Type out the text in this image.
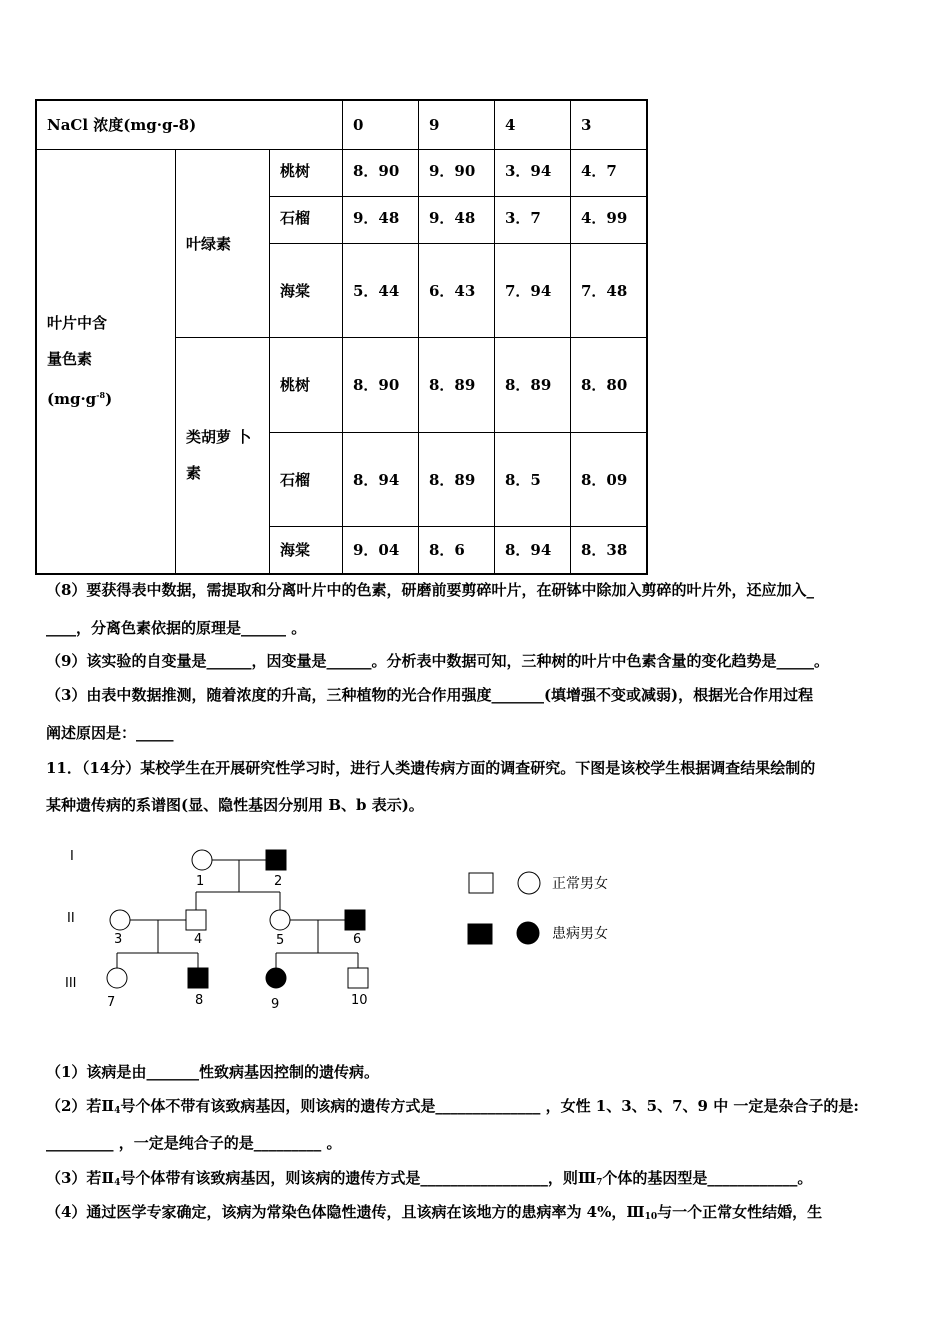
NaCl 浓度(mg·g-8)			0	9	4	3

叶片中含
量色素
$(mg\cdot g^{-8})$	叶绿素	桃树	8．90	9．90	3．94	4．7
		石榴	9．48	9．48	3．7	4．99
		海棠	5．44	6．43	7．94	7．48

	类胡萝 卜
素	桃树	8．90	8．89	8．89	8．80
		石榴	8．94	8．89	8．5	8．09
		海棠	9．04	8．6	8．94	8．38
（8）要获得表中数据，需提取和分离叶片中的色素，研磨前要剪碎叶片，在研钵中除加入剪碎的叶片外，还应加入_
____，分离色素依据的原理是______ 。
（9）该实验的自变量是______，因变量是______。分析表中数据可知，三种树的叶片中色素含量的变化趋势是_____。
（3）由表中数据推测，随着浓度的升高，三种植物的光合作用强度_______(填增强不变或减弱)，根据光合作用过程
阐述原因是：_____
11．（14分）某校学生在开展研究性学习时，进行人类遗传病方面的调查研究。下图是该校学生根据调查结果绘制的
某种遗传病的系谱图(显、隐性基因分别用 B、b 表示)。
I
II
III
1	2
3	4	5	6
7	8	9	10
正常男女
患病男女
（1）该病是由_______性致病基因控制的遗传病。
（2）若$Ⅱ_4$号个体不带有该致病基因，则该病的遗传方式是______________ ，女性 1、3、5、7、9 中 一定是杂合子的是:
_________ ，一定是纯合子的是_________ 。
（3）若$Ⅱ_4$号个体带有该致病基因，则该病的遗传方式是_________________，则$Ⅲ_7$个体的基因型是____________。
（4）通过医学专家确定，该病为常染色体隐性遗传，且该病在该地方的患病率为 4%，$Ⅲ_{10}$与一个正常女性结婚，生
